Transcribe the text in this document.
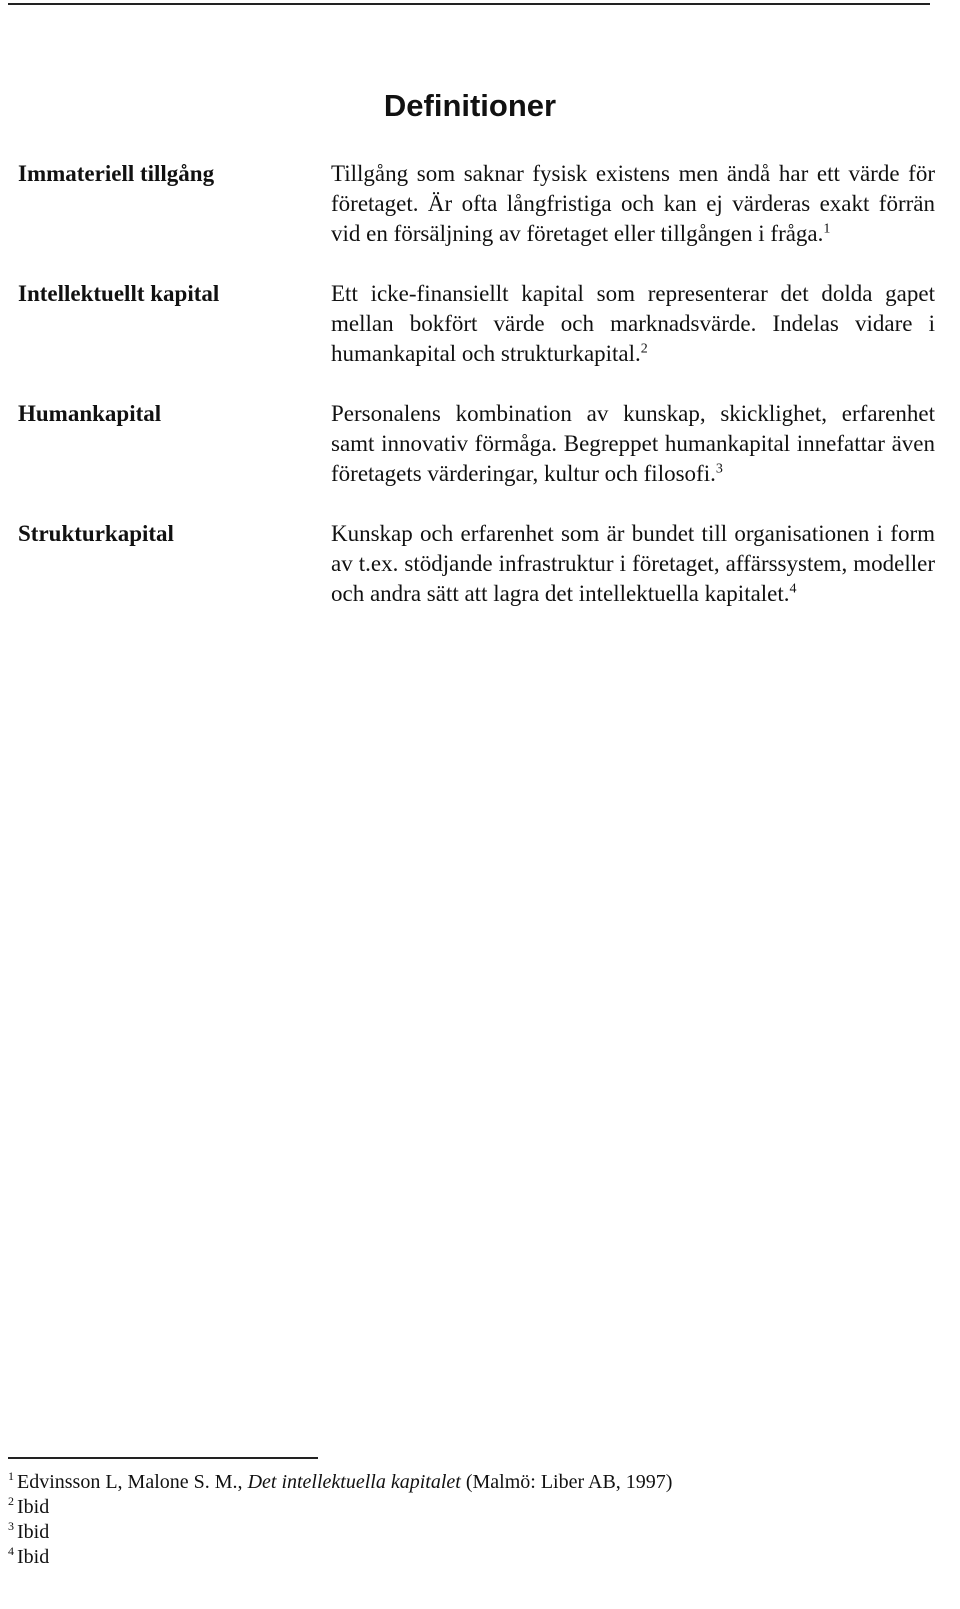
Definitioner
Immateriell tillgång	Tillgång som saknar fysisk existens men ändå har ett värde för företaget. Är ofta långfristiga och kan ej värderas exakt förrän vid en försäljning av företaget eller tillgången i fråga.$^1$
Intellektuellt kapital	Ett icke-finansiellt kapital som representerar det dolda gapet mellan bokfört värde och marknadsvärde. Indelas vidare i humankapital och strukturkapital.$^2$
Humankapital	Personalens kombination av kunskap, skicklighet, erfarenhet samt innovativ förmåga. Begreppet humankapital innefattar även företagets värderingar, kultur och filosofi.$^3$
Strukturkapital	Kunskap och erfarenhet som är bundet till organisationen i form av t.ex. stödjande infrastruktur i företaget, affärssystem, modeller och andra sätt att lagra det intellektuella kapitalet.$^4$
$^1$ Edvinsson L, Malone S. M., Det intellektuella kapitalet (Malmö: Liber AB, 1997)
$^2$ Ibid
$^3$ Ibid
$^4$ Ibid
